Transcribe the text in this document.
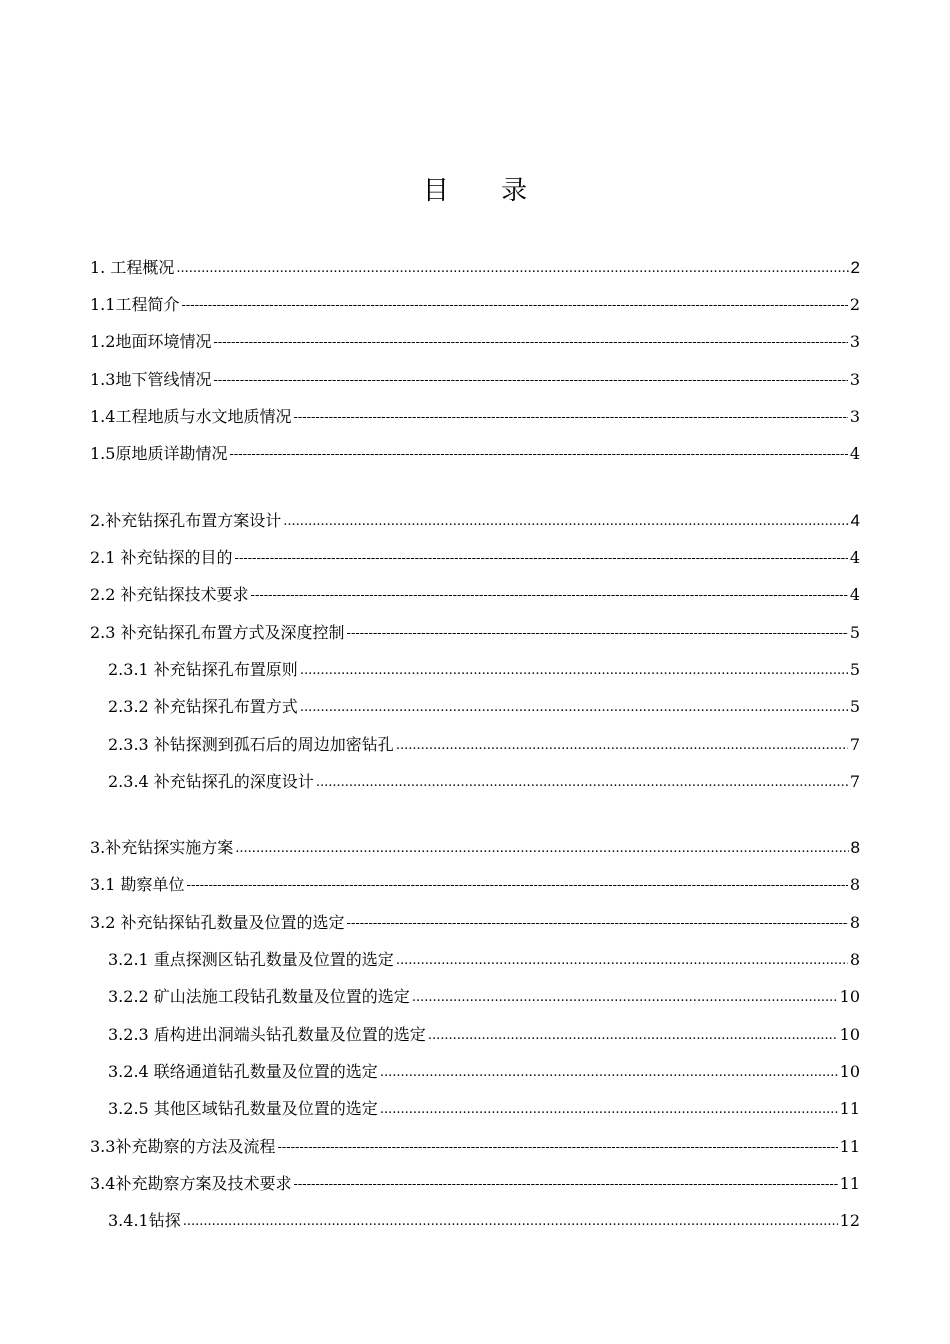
目 录
1. 工程概况 .....	2
1.1工程简介 -----	2
1.2地面环境情况 -----	3
1.3地下管线情况 -----	3
1.4工程地质与水文地质情况 -----	3
1.5原地质详勘情况 -----	4
2.补充钻探孔布置方案设计 .....	4
2.1 补充钻探的目的 -----	4
2.2 补充钻探技术要求 -----	4
2.3 补充钻探孔布置方式及深度控制 -----	5
2.3.1 补充钻探孔布置原则 .....	5
2.3.2 补充钻探孔布置方式 .....	5
2.3.3 补钻探测到孤石后的周边加密钻孔 .....	7
2.3.4 补充钻探孔的深度设计 .....	7
3.补充钻探实施方案 .....	8
3.1 勘察单位 -----	8
3.2 补充钻探钻孔数量及位置的选定 -----	8
3.2.1 重点探测区钻孔数量及位置的选定 .....	8
3.2.2 矿山法施工段钻孔数量及位置的选定 .....	10
3.2.3 盾构进出洞端头钻孔数量及位置的选定 .....	10
3.2.4 联络通道钻孔数量及位置的选定 .....	10
3.2.5 其他区域钻孔数量及位置的选定 .....	11
3.3补充勘察的方法及流程 -----	11
3.4补充勘察方案及技术要求 -----	11
3.4.1钻探 .....	12
